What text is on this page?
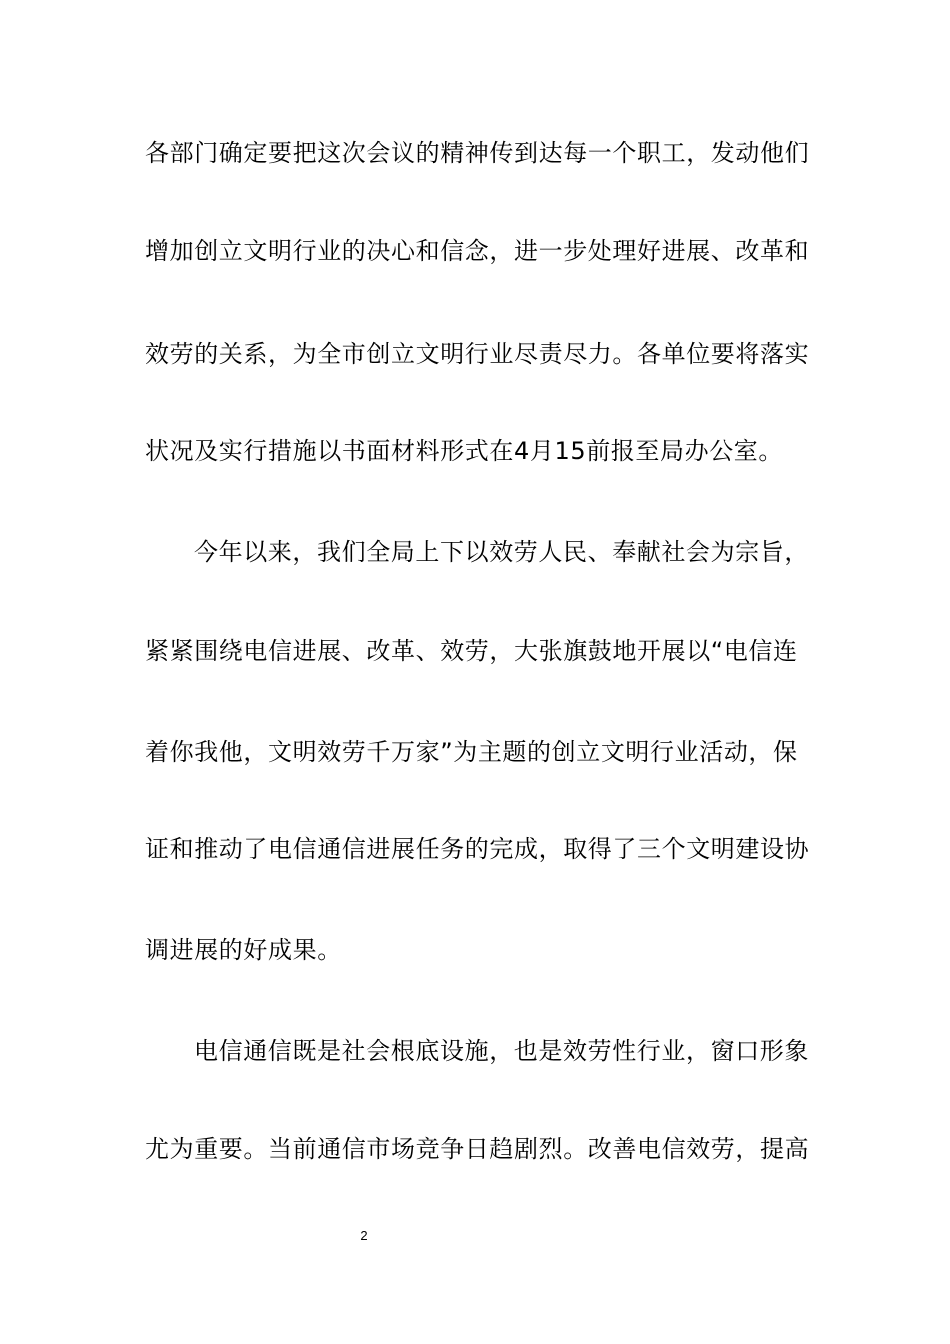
各部门确定要把这次会议的精神传到达每一个职工，发动他们
增加创立文明行业的决心和信念，进一步处理好进展、改革和
效劳的关系，为全市创立文明行业尽责尽力。各单位要将落实
状况及实行措施以书面材料形式在4月15前报至局办公室。
今年以来，我们全局上下以效劳人民、奉献社会为宗旨，
紧紧围绕电信进展、改革、效劳，大张旗鼓地开展以“电信连
着你我他，文明效劳千万家”为主题的创立文明行业活动，保
证和推动了电信通信进展任务的完成，取得了三个文明建设协
调进展的好成果。
电信通信既是社会根底设施，也是效劳性行业，窗口形象
尤为重要。当前通信市场竞争日趋剧烈。改善电信效劳，提高
2
